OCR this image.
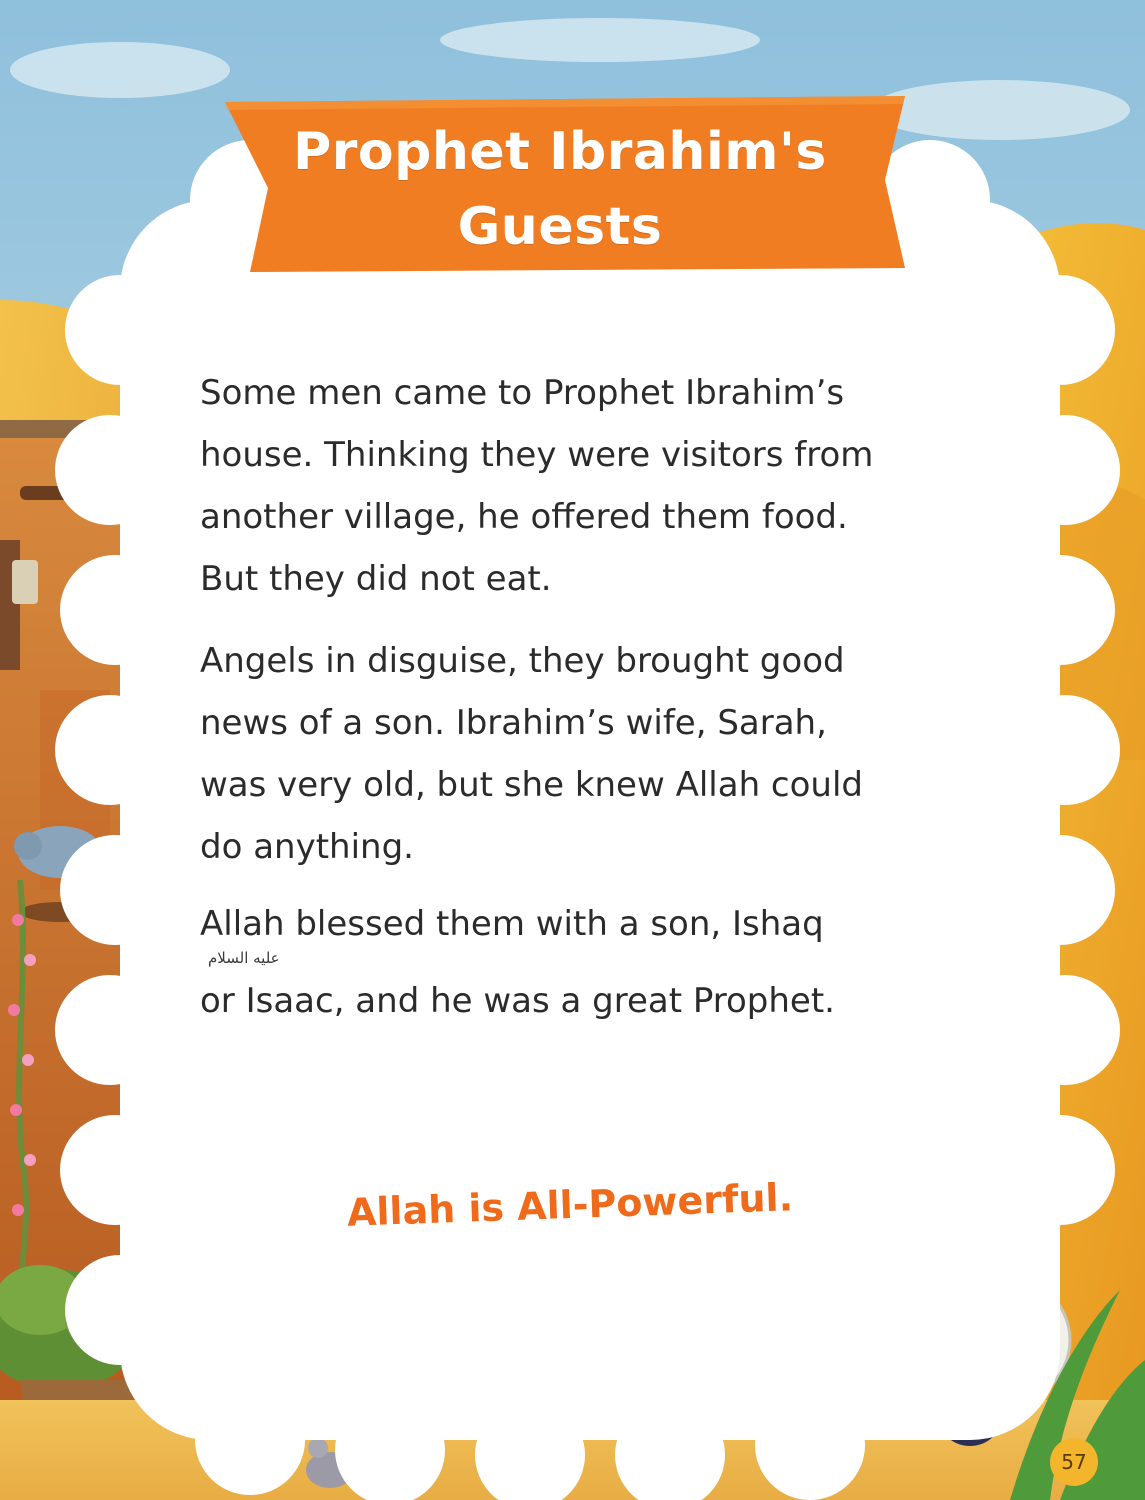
Prophet Ibrahim's
Guests

Some men came to Prophet Ibrahim’s
house. Thinking they were visitors from
another village, he offered them food.
But they did not eat.

Angels in disguise, they brought good
news of a son. Ibrahim’s wife, Sarah,
was very old, but she knew Allah could
do anything.

Allah blessed them with a son, Ishaq
عليه السلام
or Isaac, and he was a great Prophet.

Allah is All-Powerful.
57
